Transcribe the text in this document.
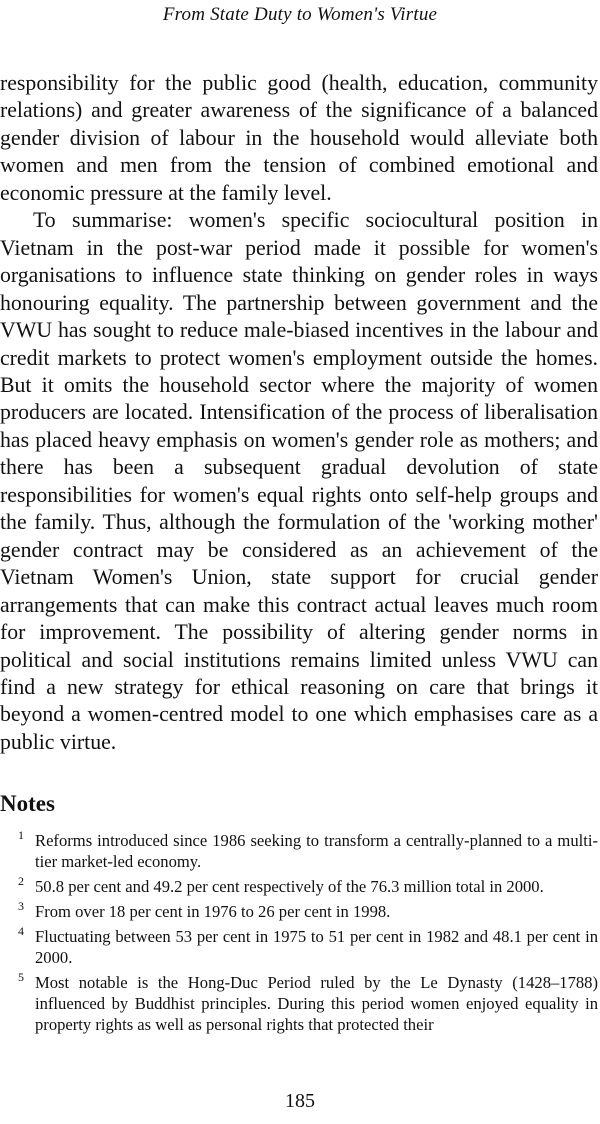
From State Duty to Women's Virtue

responsibility for the public good (health, education, community relations) and greater awareness of the significance of a balanced gender division of labour in the household would alleviate both women and men from the tension of combined emotional and economic pressure at the family level.

To summarise: women's specific sociocultural position in Vietnam in the post-war period made it possible for women's organisations to influence state thinking on gender roles in ways honouring equality. The partnership between government and the VWU has sought to reduce male-biased incentives in the labour and credit markets to protect women's employment outside the homes. But it omits the household sector where the majority of women producers are located. Intensification of the process of liberalisation has placed heavy emphasis on women's gender role as mothers; and there has been a subsequent gradual devolution of state responsibilities for women's equal rights onto self-help groups and the family. Thus, although the formulation of the 'working mother' gender contract may be considered as an achievement of the Vietnam Women's Union, state support for crucial gender arrangements that can make this contract actual leaves much room for improvement. The possibility of altering gender norms in political and social institutions remains limited unless VWU can find a new strategy for ethical reasoning on care that brings it beyond a women-centred model to one which emphasises care as a public virtue.

Notes
1 Reforms introduced since 1986 seeking to transform a centrally-planned to a multi-tier market-led economy.
2 50.8 per cent and 49.2 per cent respectively of the 76.3 million total in 2000.
3 From over 18 per cent in 1976 to 26 per cent in 1998.
4 Fluctuating between 53 per cent in 1975 to 51 per cent in 1982 and 48.1 per cent in 2000.
5 Most notable is the Hong-Duc Period ruled by the Le Dynasty (1428–1788) influenced by Buddhist principles. During this period women enjoyed equality in property rights as well as personal rights that protected their
185
